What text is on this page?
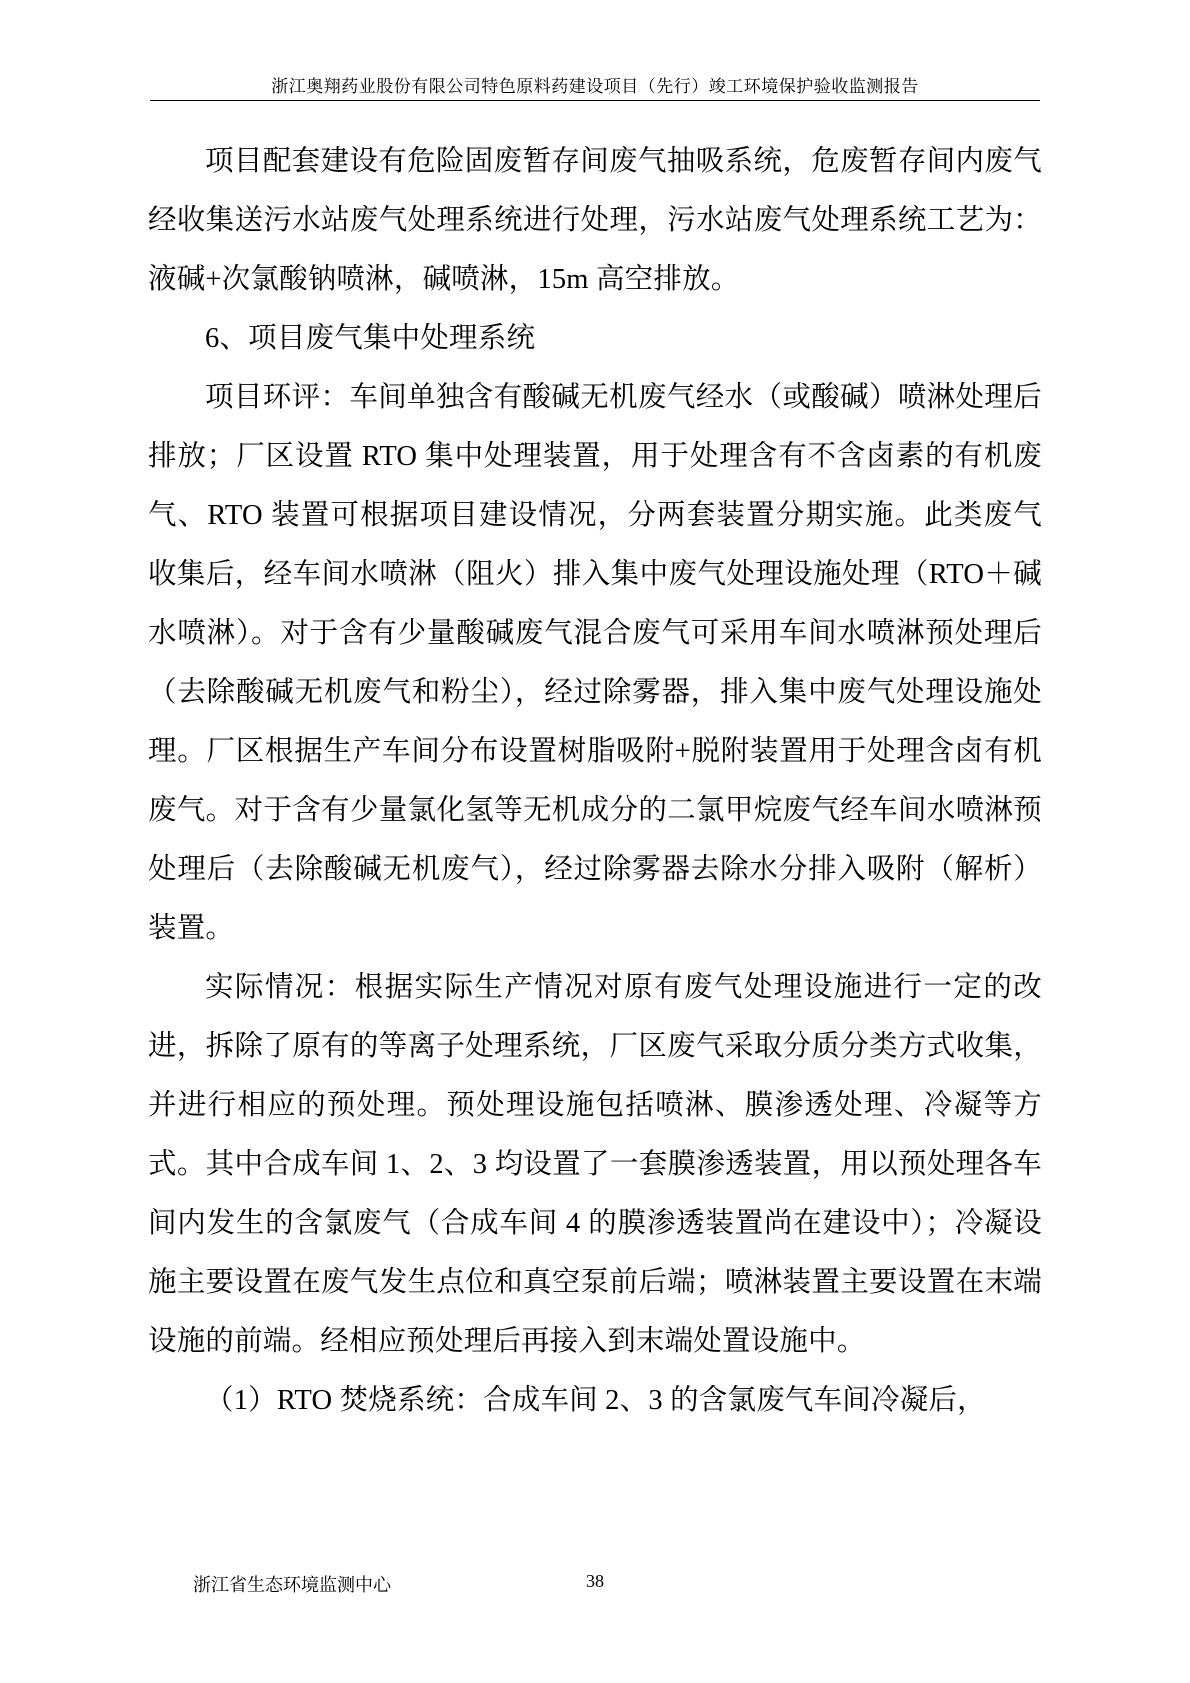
浙江奥翔药业股份有限公司特色原料药建设项目（先行）竣工环境保护验收监测报告

项目配套建设有危险固废暂存间废气抽吸系统，危废暂存间内废气经收集送污水站废气处理系统进行处理，污水站废气处理系统工艺为：液碱+次氯酸钠喷淋，碱喷淋，15m 高空排放。

6、项目废气集中处理系统

项目环评：车间单独含有酸碱无机废气经水（或酸碱）喷淋处理后排放；厂区设置 RTO 集中处理装置，用于处理含有不含卤素的有机废气、RTO 装置可根据项目建设情况，分两套装置分期实施。此类废气收集后，经车间水喷淋（阻火）排入集中废气处理设施处理（RTO＋碱水喷淋）。对于含有少量酸碱废气混合废气可采用车间水喷淋预处理后（去除酸碱无机废气和粉尘），经过除雾器，排入集中废气处理设施处理。厂区根据生产车间分布设置树脂吸附+脱附装置用于处理含卤有机废气。对于含有少量氯化氢等无机成分的二氯甲烷废气经车间水喷淋预处理后（去除酸碱无机废气），经过除雾器去除水分排入吸附（解析）装置。

实际情况：根据实际生产情况对原有废气处理设施进行一定的改进，拆除了原有的等离子处理系统，厂区废气采取分质分类方式收集，并进行相应的预处理。预处理设施包括喷淋、膜渗透处理、冷凝等方式。其中合成车间 1、2、3 均设置了一套膜渗透装置，用以预处理各车间内发生的含氯废气（合成车间 4 的膜渗透装置尚在建设中）；冷凝设施主要设置在废气发生点位和真空泵前后端；喷淋装置主要设置在末端设施的前端。经相应预处理后再接入到末端处置设施中。

（1）RTO 焚烧系统：合成车间 2、3 的含氯废气车间冷凝后，

浙江省生态环境监测中心	38
